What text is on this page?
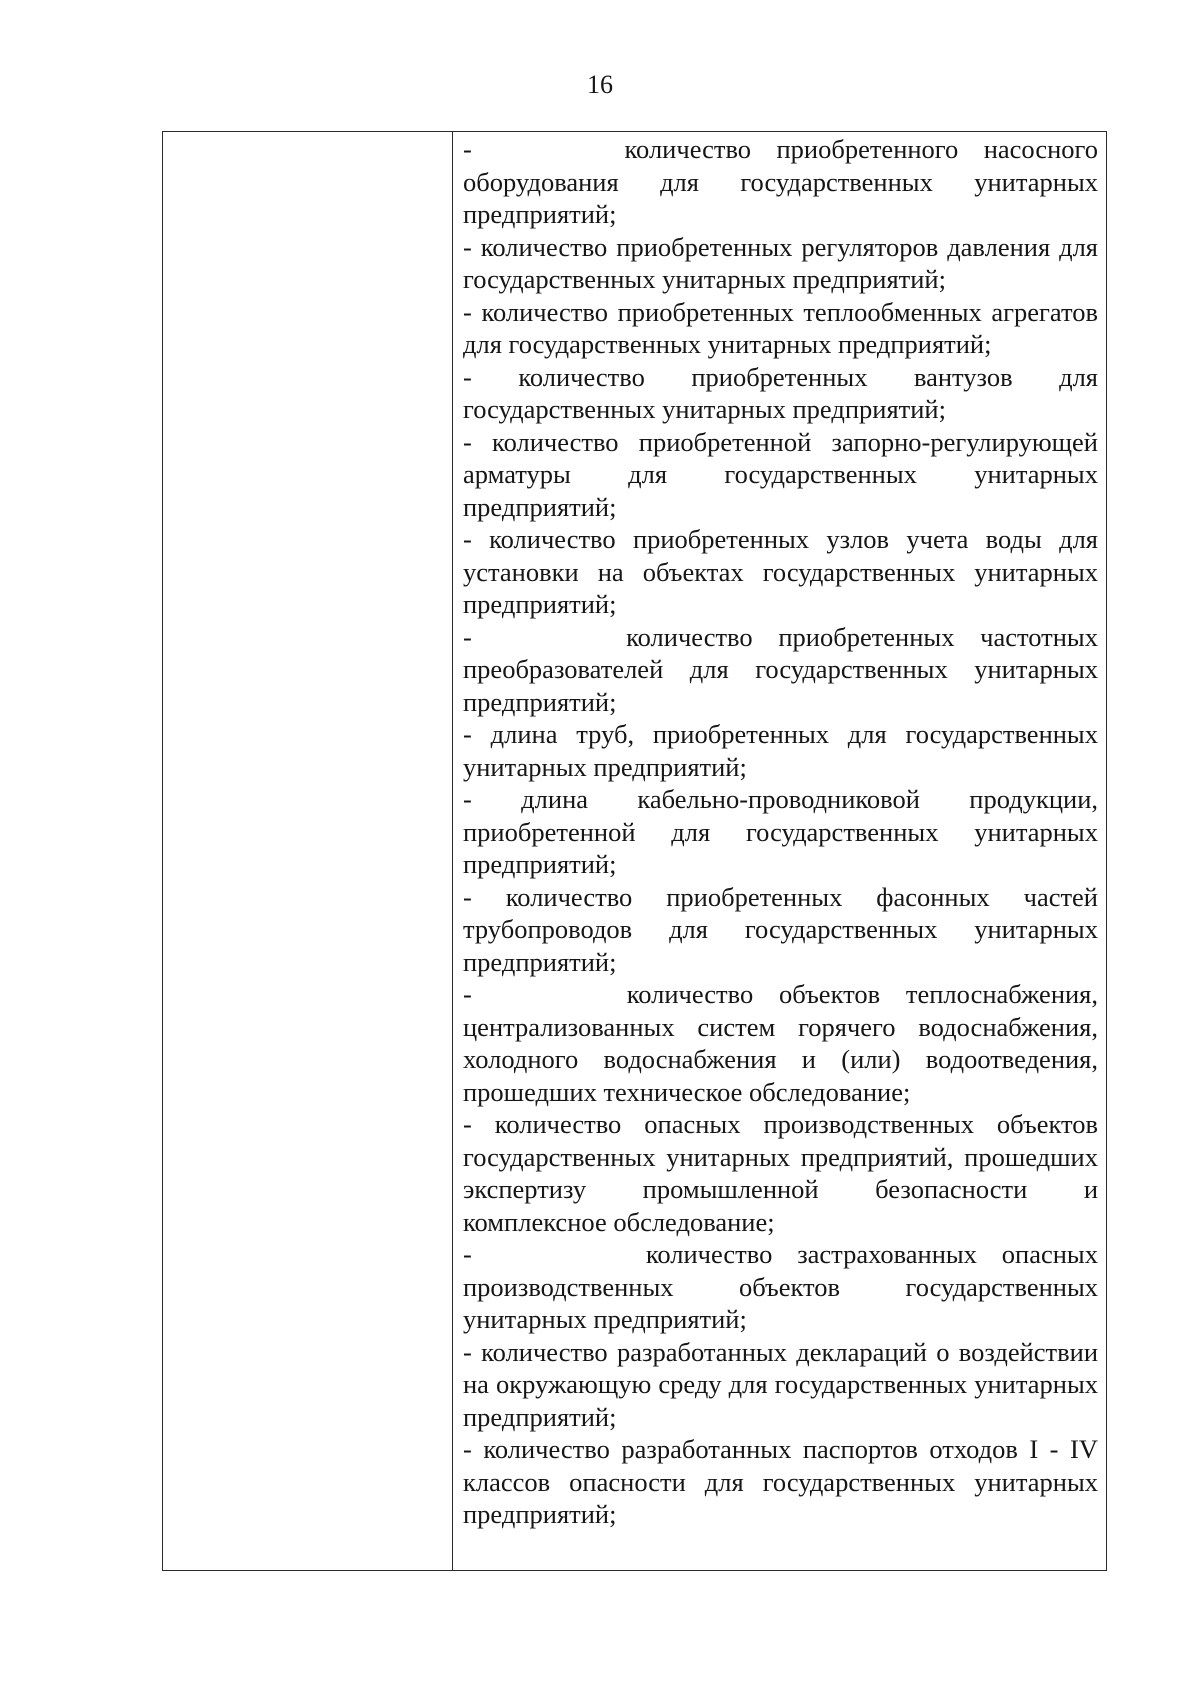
16

-      количество приобретенного насосного оборудования для государственных унитарных предприятий;

- количество приобретенных регуляторов давления для государственных унитарных предприятий;

- количество приобретенных теплообменных агрегатов для государственных унитарных предприятий;

- количество приобретенных вантузов для государственных унитарных предприятий;

- количество приобретенной запорно-регулирующей арматуры для государственных унитарных предприятий;

- количество приобретенных узлов учета воды для установки на объектах государственных унитарных предприятий;

-      количество приобретенных частотных преобразователей для государственных унитарных предприятий;

- длина труб, приобретенных для государственных унитарных предприятий;

- длина кабельно-проводниковой продукции, приобретенной для государственных унитарных предприятий;

- количество приобретенных фасонных частей трубопроводов для государственных унитарных предприятий;

-      количество объектов теплоснабжения, централизованных систем горячего водоснабжения, холодного водоснабжения и (или) водоотведения, прошедших техническое обследование;

- количество опасных производственных объектов государственных унитарных предприятий, прошедших экспертизу промышленной безопасности и комплексное обследование;

-       количество застрахованных опасных производственных объектов государственных унитарных предприятий;

- количество разработанных деклараций о воздействии на окружающую среду для государственных унитарных предприятий;

- количество разработанных паспортов отходов I - IV классов опасности для государственных унитарных предприятий;
